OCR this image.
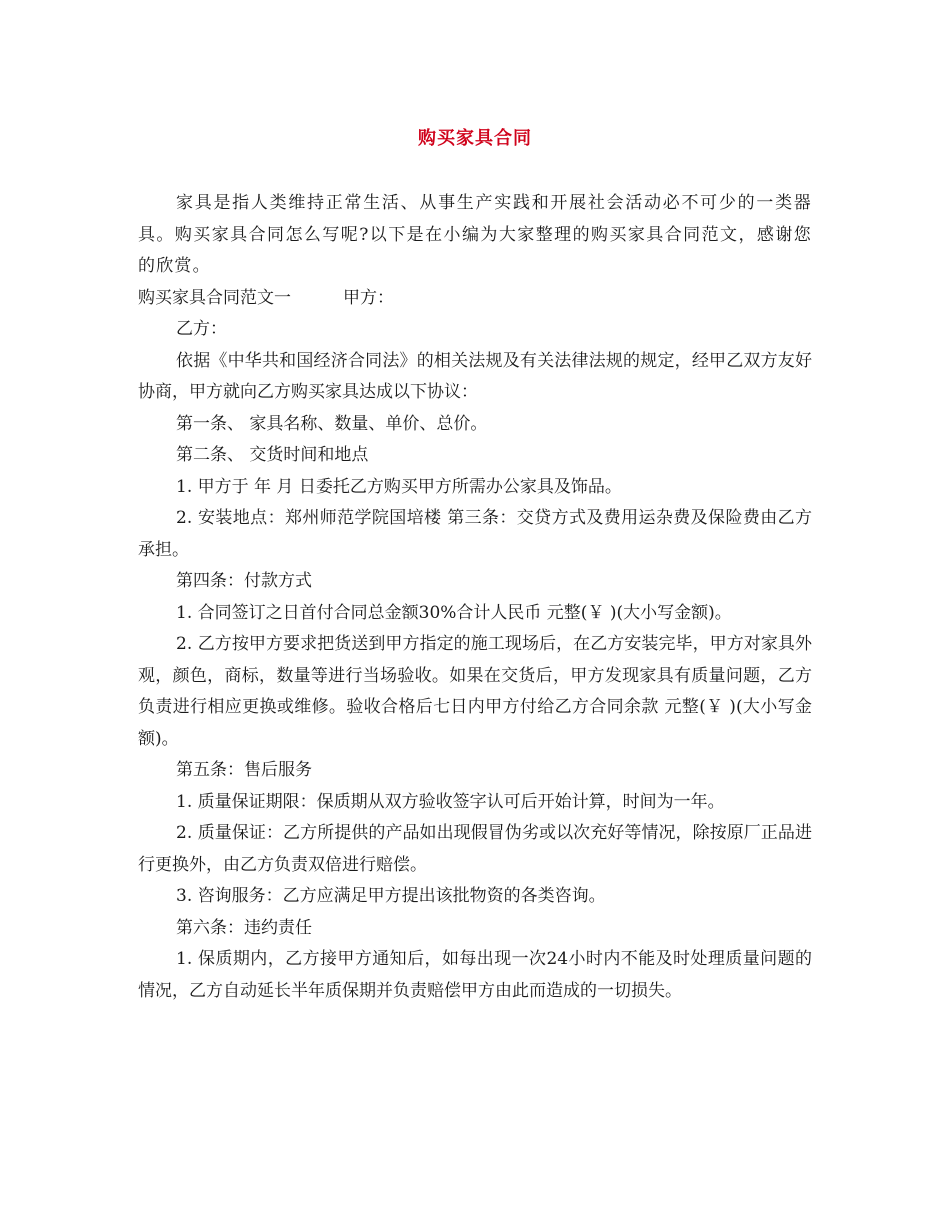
购买家具合同

家具是指人类维持正常生活、从事生产实践和开展社会活动必不可少的一类器具。购买家具合同怎么写呢?以下是在小编为大家整理的购买家具合同范文，感谢您的欣赏。

购买家具合同范文一	甲方：

乙方：

依据《中华共和国经济合同法》的相关法规及有关法律法规的规定，经甲乙双方友好协商，甲方就向乙方购买家具达成以下协议：

第一条、 家具名称、数量、单价、总价。

第二条、 交货时间和地点

1. 甲方于 年 月 日委托乙方购买甲方所需办公家具及饰品。

2. 安装地点：郑州师范学院国培楼 第三条：交贷方式及费用运杂费及保险费由乙方承担。

第四条：付款方式

1. 合同签订之日首付合同总金额30%合计人民币 元整(￥ )(大小写金额)。

2. 乙方按甲方要求把货送到甲方指定的施工现场后，在乙方安装完毕，甲方对家具外观，颜色，商标，数量等进行当场验收。如果在交货后，甲方发现家具有质量问题，乙方负责进行相应更换或维修。验收合格后七日内甲方付给乙方合同余款 元整(￥ )(大小写金额)。

第五条：售后服务

1. 质量保证期限：保质期从双方验收签字认可后开始计算，时间为一年。

2. 质量保证：乙方所提供的产品如出现假冒伪劣或以次充好等情况，除按原厂正品进行更换外，由乙方负责双倍进行赔偿。

3. 咨询服务：乙方应满足甲方提出该批物资的各类咨询。

第六条：违约责任

1. 保质期内，乙方接甲方通知后，如每出现一次24小时内不能及时处理质量问题的情况，乙方自动延长半年质保期并负责赔偿甲方由此而造成的一切损失。
